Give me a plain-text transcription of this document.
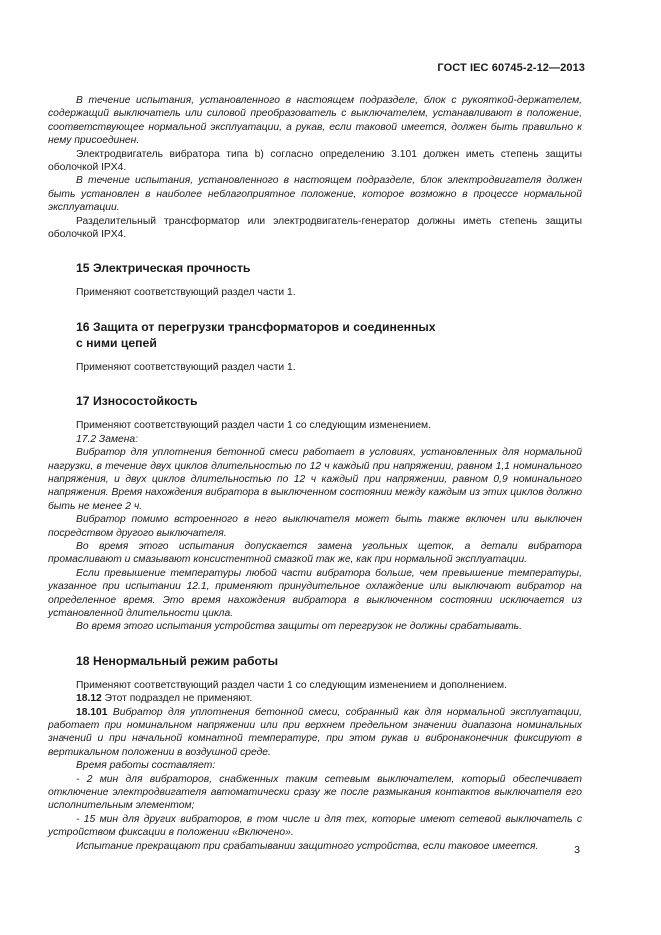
ГОСТ IEC 60745-2-12—2013

В течение испытания, установленного в настоящем подразделе, блок с рукояткой-держателем, содержащий выключатель или силовой преобразователь с выключателем, устанавливают в положение, соответствующее нормальной эксплуатации, а рукав, если таковой имеется, должен быть правильно к нему присоединен.

Электродвигатель вибратора типа b) согласно определению 3.101 должен иметь степень защиты оболочкой IPX4.

В течение испытания, установленного в настоящем подразделе, блок электродвигателя должен быть установлен в наиболее неблагоприятное положение, которое возможно в процессе нормальной эксплуатации.

Разделительный трансформатор или электродвигатель-генератор должны иметь степень защиты оболочкой IPX4.

15 Электрическая прочность

Применяют соответствующий раздел части 1.

16 Защита от перегрузки трансформаторов и соединенных
с ними цепей

Применяют соответствующий раздел части 1.

17 Износостойкость

Применяют соответствующий раздел части 1 со следующим изменением.

17.2 Замена:

Вибратор для уплотнения бетонной смеси работает в условиях, установленных для нормальной нагрузки, в течение двух циклов длительностью по 12 ч каждый при напряжении, равном 1,1 номинального напряжения, и двух циклов длительностью по 12 ч каждый при напряжении, равном 0,9 номинального напряжения. Время нахождения вибратора в выключенном состоянии между каждым из этих циклов должно быть не менее 2 ч.

Вибратор помимо встроенного в него выключателя может быть также включен или выключен посредством другого выключателя.

Во время этого испытания допускается замена угольных щеток, а детали вибратора промасливают и смазывают консистентной смазкой так же, как при нормальной эксплуатации.

Если превышение температуры любой части вибратора больше, чем превышение температуры, указанное при испытании 12.1, применяют принудительное охлаждение или выключают вибратор на определенное время. Это время нахождения вибратора в выключенном состоянии исключается из установленной длительности цикла.

Во время этого испытания устройства защиты от перегрузок не должны срабатывать.

18 Ненормальный режим работы

Применяют соответствующий раздел части 1 со следующим изменением и дополнением.

18.12 Этот подраздел не применяют.

18.101 Вибратор для уплотнения бетонной смеси, собранный как для нормальной эксплуатации, работает при номинальном напряжении или при верхнем предельном значении диапазона номинальных значений и при начальной комнатной температуре, при этом рукав и вибронаконечник фиксируют в вертикальном положении в воздушной среде.

Время работы составляет:

- 2 мин для вибраторов, снабженных таким сетевым выключателем, который обеспечивает отключение электродвигателя автоматически сразу же после размыкания контактов выключателя его исполнительным элементом;

- 15 мин для других вибраторов, в том числе и для тех, которые имеют сетевой выключатель с устройством фиксации в положении «Включено».

Испытание прекращают при срабатывании защитного устройства, если таковое имеется.	3
